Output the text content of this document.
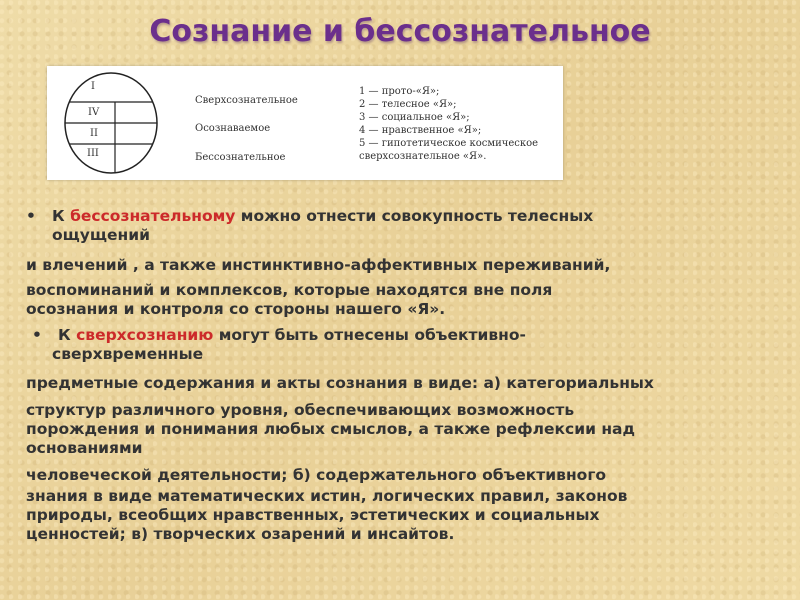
Сознание и бессознательное
I
IV
II
III
Сверхсознательное
Осознаваемое
Бессознательное
1 — прото-«Я»;
2 — телесное «Я»;
3 — социальное «Я»;
4 — нравственное «Я»;
5 — гипотетическое космическое
сверхсознательное «Я».
• К бессознательному можно отнести совокупность телесных
ощущений
и влечений , а также инстинктивно-аффективных переживаний,
воспоминаний и комплексов, которые находятся вне поля
осознания и контроля со стороны нашего «Я».
• К сверхсознанию могут быть отнесены объективно-
сверхвременные
предметные содержания и акты сознания в виде: а) категориальных
структур различного уровня, обеспечивающих возможность
порождения и понимания любых смыслов, а также рефлексии над
основаниями
человеческой деятельности; б) содержательного объективного
знания в виде математических истин, логических правил, законов
природы, всеобщих нравственных, эстетических и социальных
ценностей; в) творческих озарений и инсайтов.
